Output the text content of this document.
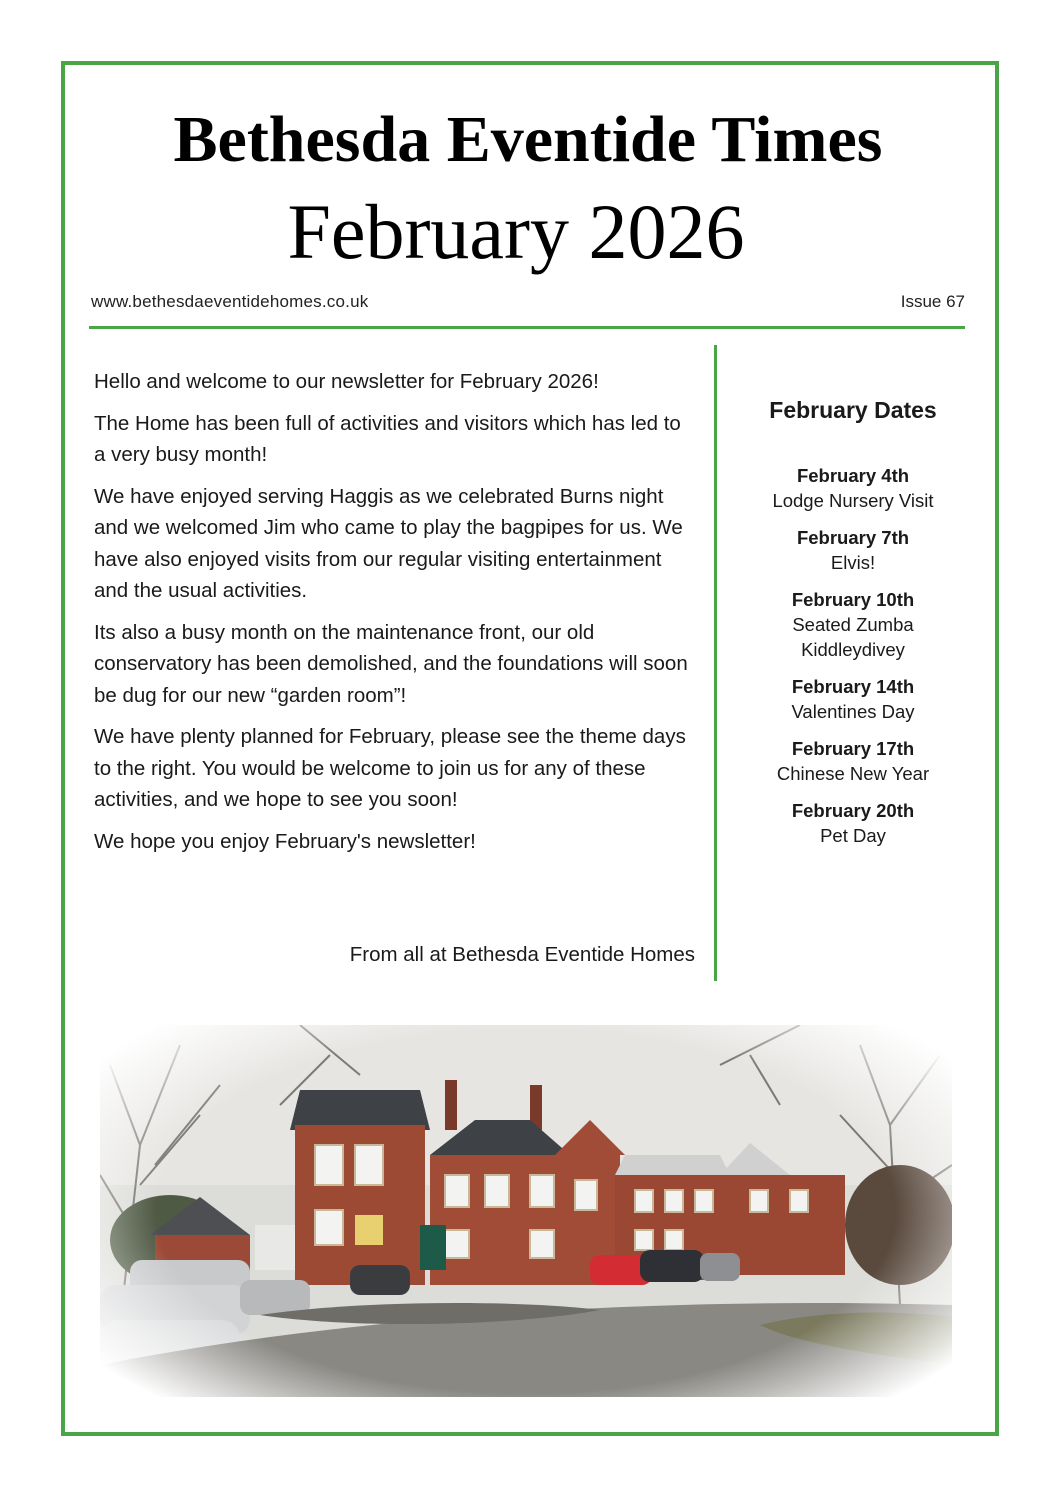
Bethesda Eventide Times
February 2026
www.bethesdaeventidehomes.co.uk	Issue 67

Hello and welcome to our newsletter for February 2026!

The Home has been full of activities and visitors which has led to a very busy month!

We have enjoyed serving Haggis as we celebrated Burns night and we welcomed Jim who came to play the bagpipes for us. We have also enjoyed visits from our regular visiting entertainment and the usual activities.

Its also a busy month on the maintenance front, our old conservatory has been demolished, and the foundations will soon be dug for our new “garden room”!

We have plenty planned for February, please see the theme days to the right. You would be welcome to join us for any of these activities, and we hope to see you soon!

We hope you enjoy February's newsletter!

From all at Bethesda Eventide Homes
February Dates
February 4th
Lodge Nursery Visit
February 7th
Elvis!
February 10th
Seated Zumba
Kiddleydivey
February 14th
Valentines Day
February 17th
Chinese New Year
February 20th
Pet Day
